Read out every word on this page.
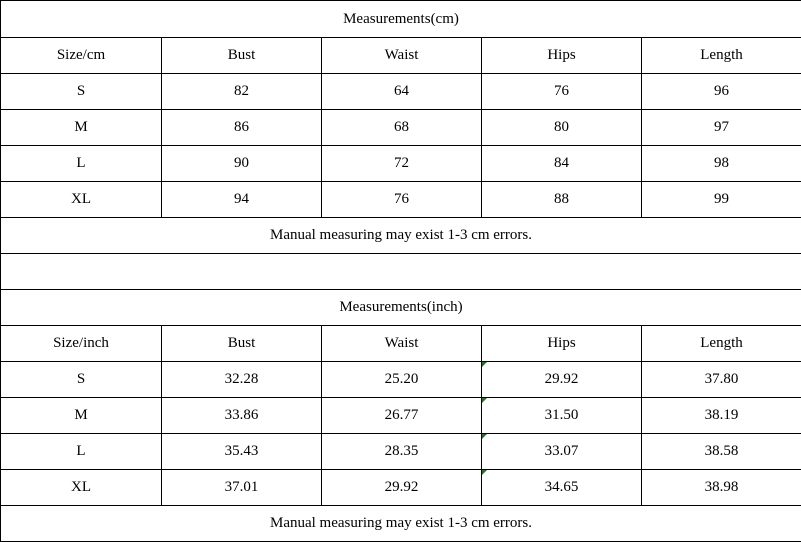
Measurements(cm)				
Size/cm	Bust	Waist	Hips	Length
S	82	64	76	96
M	86	68	80	97
L	90	72	84	98
XL	94	76	88	99
Manual measuring may exist 1-3 cm errors.				

Measurements(inch)				
Size/inch	Bust	Waist	Hips	Length
S	32.28	25.20	29.92	37.80
M	33.86	26.77	31.50	38.19
L	35.43	28.35	33.07	38.58
XL	37.01	29.92	34.65	38.98
Manual measuring may exist 1-3 cm errors.				
